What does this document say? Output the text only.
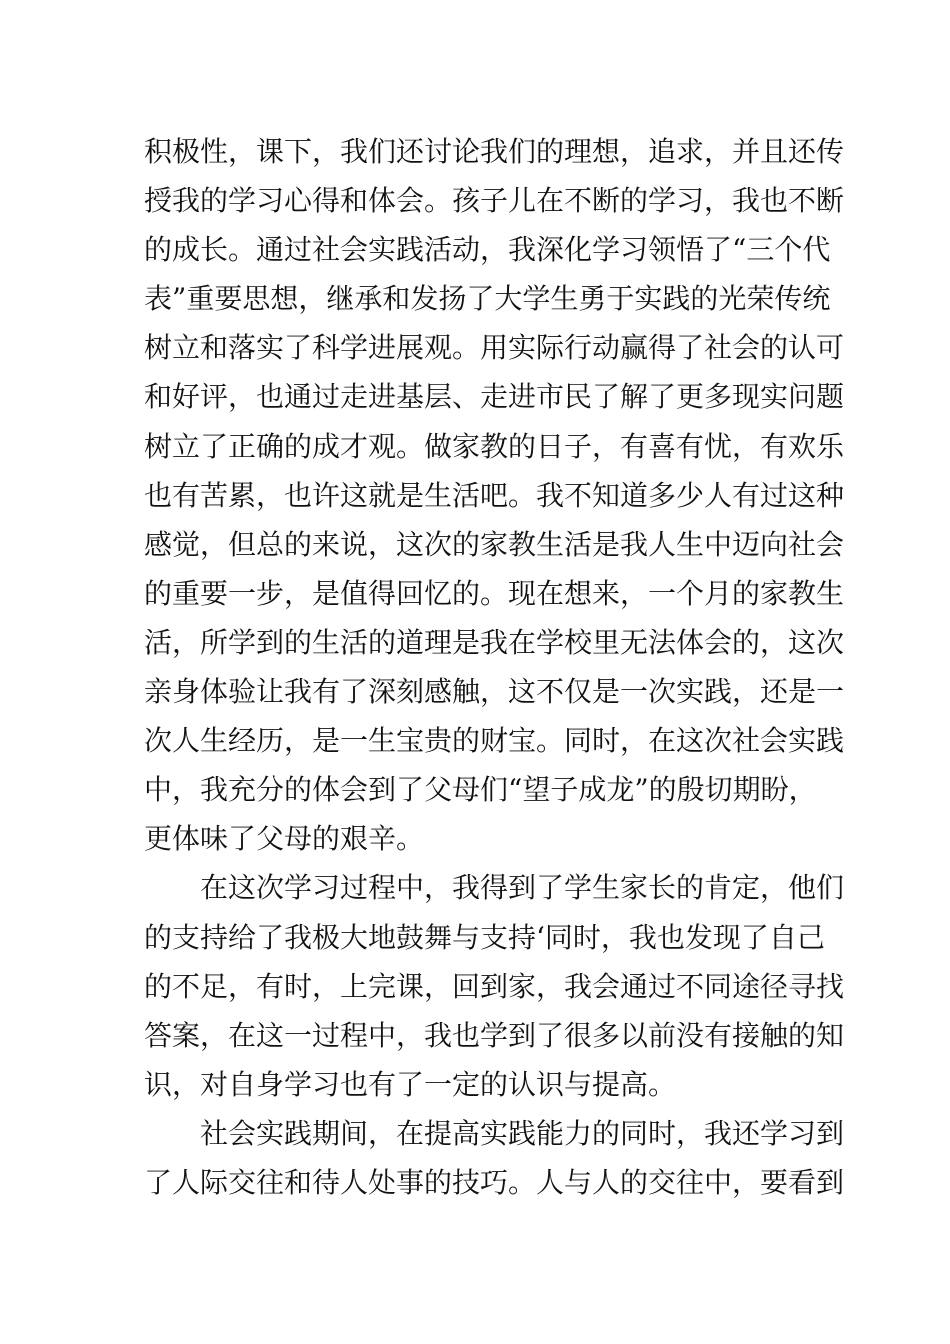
积极性，课下，我们还讨论我们的理想，追求，并且还传
授我的学习心得和体会。孩子儿在不断的学习，我也不断
的成长。通过社会实践活动，我深化学习领悟了“三个代
表”重要思想，继承和发扬了大学生勇于实践的光荣传统
树立和落实了科学进展观。用实际行动赢得了社会的认可
和好评，也通过走进基层、走进市民了解了更多现实问题
树立了正确的成才观。做家教的日子，有喜有忧，有欢乐
也有苦累，也许这就是生活吧。我不知道多少人有过这种
感觉，但总的来说，这次的家教生活是我人生中迈向社会
的重要一步，是值得回忆的。现在想来，一个月的家教生
活，所学到的生活的道理是我在学校里无法体会的，这次
亲身体验让我有了深刻感触，这不仅是一次实践，还是一
次人生经历，是一生宝贵的财宝。同时，在这次社会实践
中，我充分的体会到了父母们“望子成龙”的殷切期盼，
更体味了父母的艰辛。
在这次学习过程中，我得到了学生家长的肯定，他们
的支持给了我极大地鼓舞与支持‘同时，我也发现了自己
的不足，有时，上完课，回到家，我会通过不同途径寻找
答案，在这一过程中，我也学到了很多以前没有接触的知
识，对自身学习也有了一定的认识与提高。
社会实践期间，在提高实践能力的同时，我还学习到
了人际交往和待人处事的技巧。人与人的交往中，要看到
